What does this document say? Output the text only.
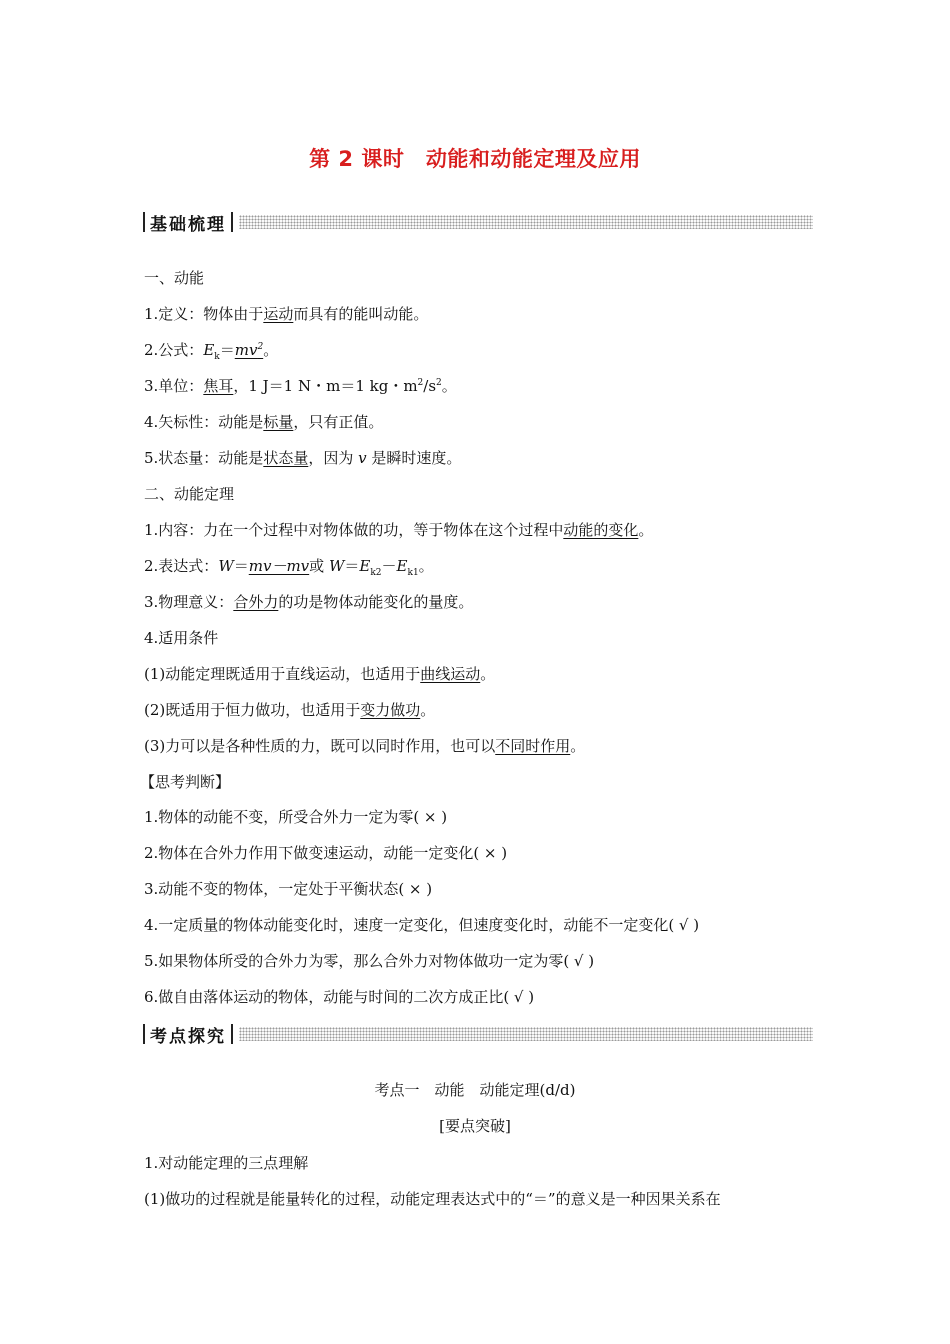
第 2 课时　动能和动能定理及应用
基础梳理
一、动能
1.定义：物体由于运动而具有的能叫动能。
2.公式：$E_k=mv^2$。
3.单位：焦耳，1 J＝1 N・m＝1 kg・$m^2/s^2$。
4.矢标性：动能是标量，只有正值。
5.状态量：动能是状态量，因为 v 是瞬时速度。
二、动能定理
1.内容：力在一个过程中对物体做的功，等于物体在这个过程中动能的变化。
2.表达式：W＝mv－mv或 $W=E_{k2}-E_{k1}$。
3.物理意义：合外力的功是物体动能变化的量度。
4.适用条件
(1)动能定理既适用于直线运动，也适用于曲线运动。
(2)既适用于恒力做功，也适用于变力做功。
(3)力可以是各种性质的力，既可以同时作用，也可以不同时作用。
【思考判断】
1.物体的动能不变，所受合外力一定为零( × )
2.物体在合外力作用下做变速运动，动能一定变化( × )
3.动能不变的物体，一定处于平衡状态( × )
4.一定质量的物体动能变化时，速度一定变化，但速度变化时，动能不一定变化( √ )
5.如果物体所受的合外力为零，那么合外力对物体做功一定为零( √ )
6.做自由落体运动的物体，动能与时间的二次方成正比( √ )
考点探究
考点一　动能　动能定理(d/d)
[要点突破]
1.对动能定理的三点理解
(1)做功的过程就是能量转化的过程，动能定理表达式中的“＝”的意义是一种因果关系在
